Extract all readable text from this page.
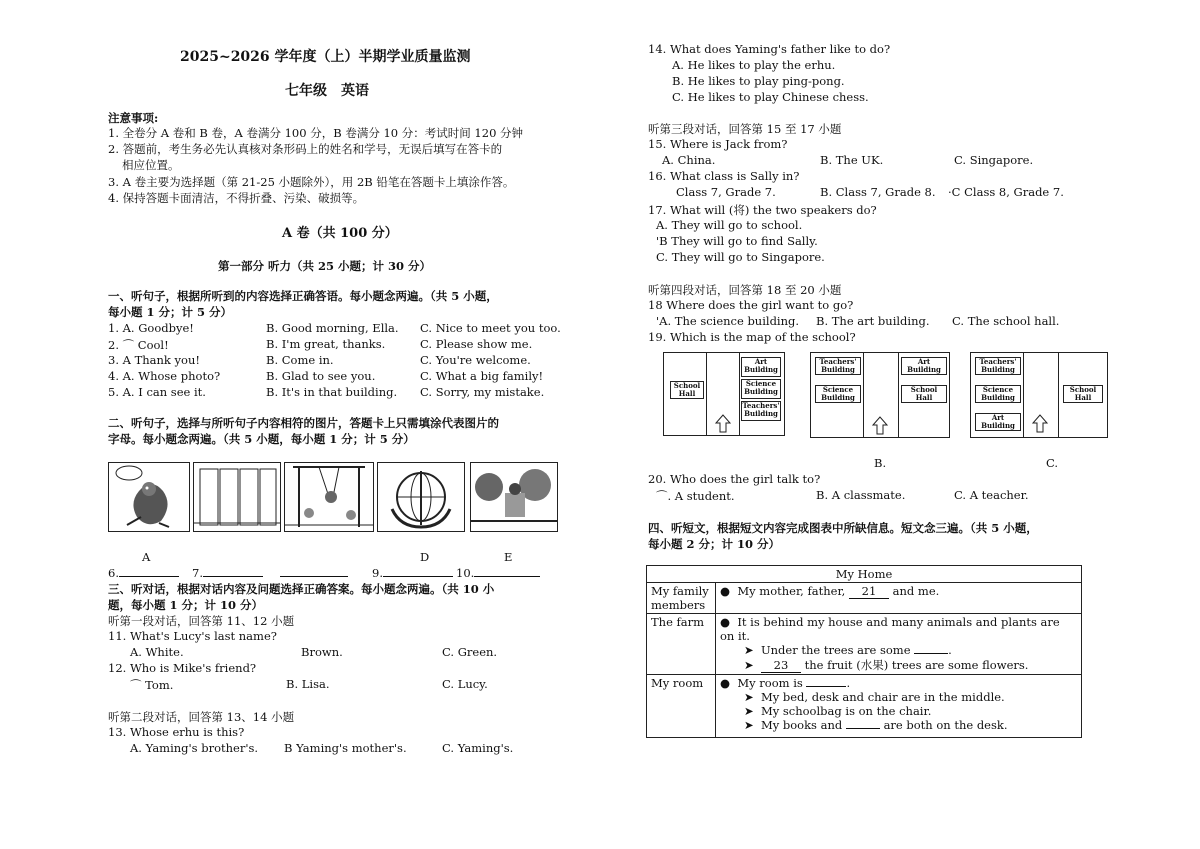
2025~2026 学年度（上）半期学业质量监测
七年级　英语
注意事项:
1. 全卷分 A 卷和 B 卷，A 卷满分 100 分，B 卷满分 10 分：考试时间 120 分钟
2. 答题前，考生务必先认真核对条形码上的姓名和学号，无误后填写在答卡的
相应位置。
3. A 卷主要为选择题（第 21-25 小题除外），用 2B 铅笔在答题卡上填涂作答。
4. 保持答题卡面清洁，不得折叠、污染、破损等。
A 卷（共 100 分）
第一部分 听力（共 25 小题；计 30 分）
一、听句子，根据所听到的内容选择正确答语。每小题念两遍。（共 5 小题，
每小题 1 分；计 5 分）
1. A. Goodbye!	B. Good morning, Ella. C. Nice to meet you too.
2. ⌒ Cool!	B. I'm great, thanks.	C. Please show me.
3. A Thank you!	B. Come in.	C. You're welcome.
4. A. Whose photo?	B. Glad to see you.	C. What a big family!
5. A. I can see it.	B. It's in that building. C. Sorry, my mistake.
二、听句子，选择与所听句子内容相符的图片，答题卡上只需填涂代表图片的
字母。每小题念两遍。（共 5 小题，每小题 1 分；计 5 分）
A	D	E
6.	7.	9.	10.
三、听对话，根据对话内容及问题选择正确答案。每小题念两遍。（共 10 小
题，每小题 1 分；计 10 分）
听第一段对话，回答第 11、12 小题
11. What's Lucy's last name?
A. White.	Brown.	C. Green.
12. Who is Mike's friend?
⌒ Tom.	B. Lisa.	C. Lucy.
听第二段对话，回答第 13、14 小题
13. Whose erhu is this?
A. Yaming's brother's. B Yaming's mother's.	C. Yaming's.
14. What does Yaming's father like to do?
A. He likes to play the erhu.
B. He likes to play ping-pong.
C. He likes to play Chinese chess.
听第三段对话，回答第 15 至 17 小题
15. Where is Jack from?
A. China.	B. The UK.	C. Singapore.
16. What class is Sally in?
Class 7, Grade 7.	B. Class 7, Grade 8. ·C Class 8, Grade 7.
17. What will (将) the two speakers do?
A. They will go to school.
'B They will go to find Sally.
C. They will go to Singapore.
听第四段对话，回答第 18 至 20 小题
18 Where does the girl want to go?
'A. The science building. B. The art building. C. The school hall.
19. Which is the map of the school?
School Hall
Art Building
Science Building
Teachers' Building
Teachers' Building
Science Building
Art Building
School Hall
Teachers' Building
Science Building
Art Building
School Hall
B.	C.
20. Who does the girl talk to?
⌒. A student.	B. A classmate.	C. A teacher.
四、听短文，根据短文内容完成图表中所缺信息。短文念三遍。（共 5 小题，
每小题 2 分；计 10 分）
My Home	
My family members	●  My mother, father, 21 and me.
The farm	●  It is behind my house and many animals and plants are on it.
➤  Under the trees are some .
➤  23 the fruit (水果) trees are some flowers.

My room	●  My room is .
➤  My bed, desk and chair are in the middle.
➤  My schoolbag is on the chair.
➤  My books and are both on the desk.
